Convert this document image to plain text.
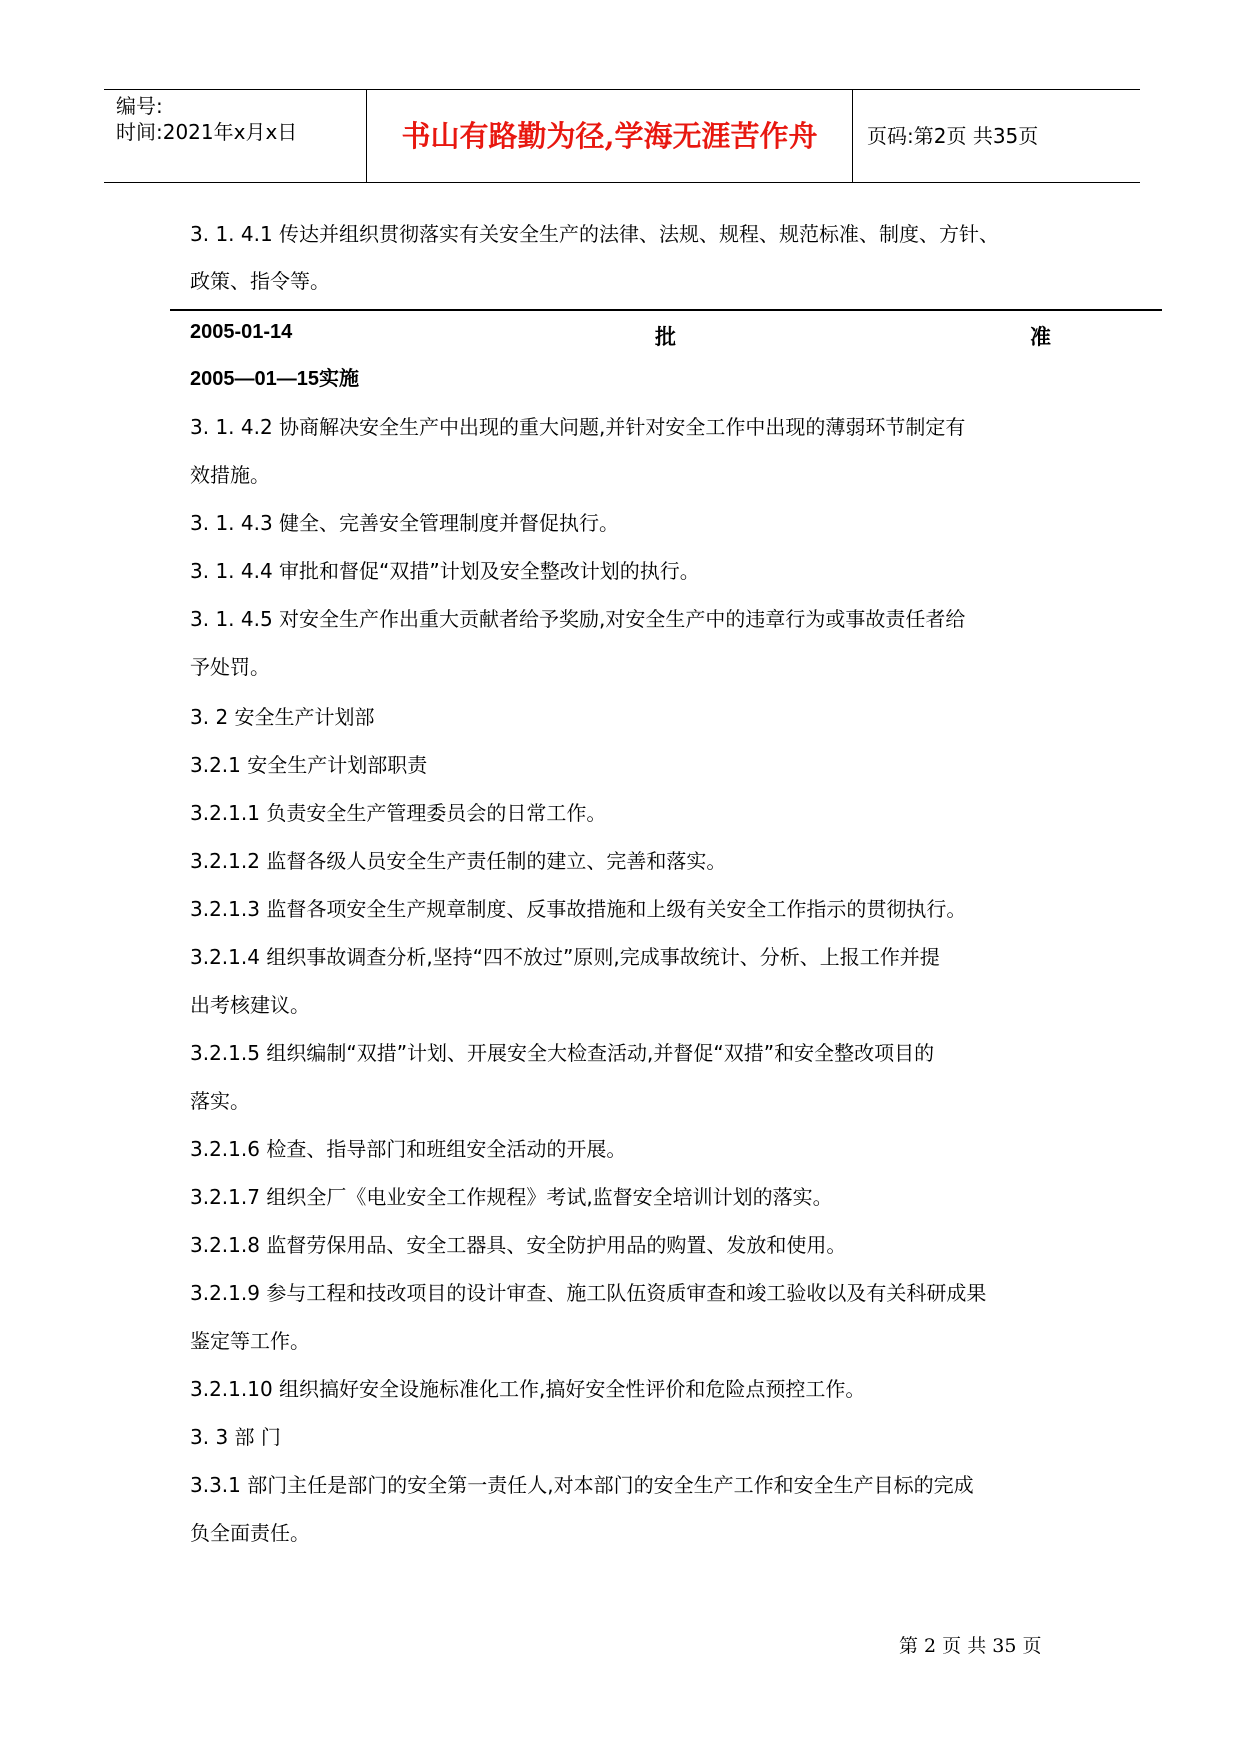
编号:
时间:2021年x月x日	书山有路勤为径,学海无涯苦作舟	页码:第2页 共35页
3. 1. 4.1 传达并组织贯彻落实有关安全生产的法律、法规、规程、规范标准、制度、方针、
政策、指令等。
2005-01-14	批	准
2005—01—15实施
3. 1. 4.2 协商解决安全生产中出现的重大问题,并针对安全工作中出现的薄弱环节制定有
效措施。
3. 1. 4.3 健全、完善安全管理制度并督促执行。
3. 1. 4.4 审批和督促“双措”计划及安全整改计划的执行。
3. 1. 4.5 对安全生产作出重大贡献者给予奖励,对安全生产中的违章行为或事故责任者给
予处罚。
3. 2 安全生产计划部
3.2.1 安全生产计划部职责
3.2.1.1 负责安全生产管理委员会的日常工作。
3.2.1.2 监督各级人员安全生产责任制的建立、完善和落实。
3.2.1.3 监督各项安全生产规章制度、反事故措施和上级有关安全工作指示的贯彻执行。
3.2.1.4 组织事故调查分析,坚持“四不放过”原则,完成事故统计、分析、上报工作并提
出考核建议。
3.2.1.5 组织编制“双措”计划、开展安全大检查活动,并督促“双措”和安全整改项目的
落实。
3.2.1.6 检查、指导部门和班组安全活动的开展。
3.2.1.7 组织全厂《电业安全工作规程》考试,监督安全培训计划的落实。
3.2.1.8 监督劳保用品、安全工器具、安全防护用品的购置、发放和使用。
3.2.1.9 参与工程和技改项目的设计审查、施工队伍资质审查和竣工验收以及有关科研成果
鉴定等工作。
3.2.1.10 组织搞好安全设施标准化工作,搞好安全性评价和危险点预控工作。
3. 3 部 门
3.3.1 部门主任是部门的安全第一责任人,对本部门的安全生产工作和安全生产目标的完成
负全面责任。
第 2 页 共 35 页
